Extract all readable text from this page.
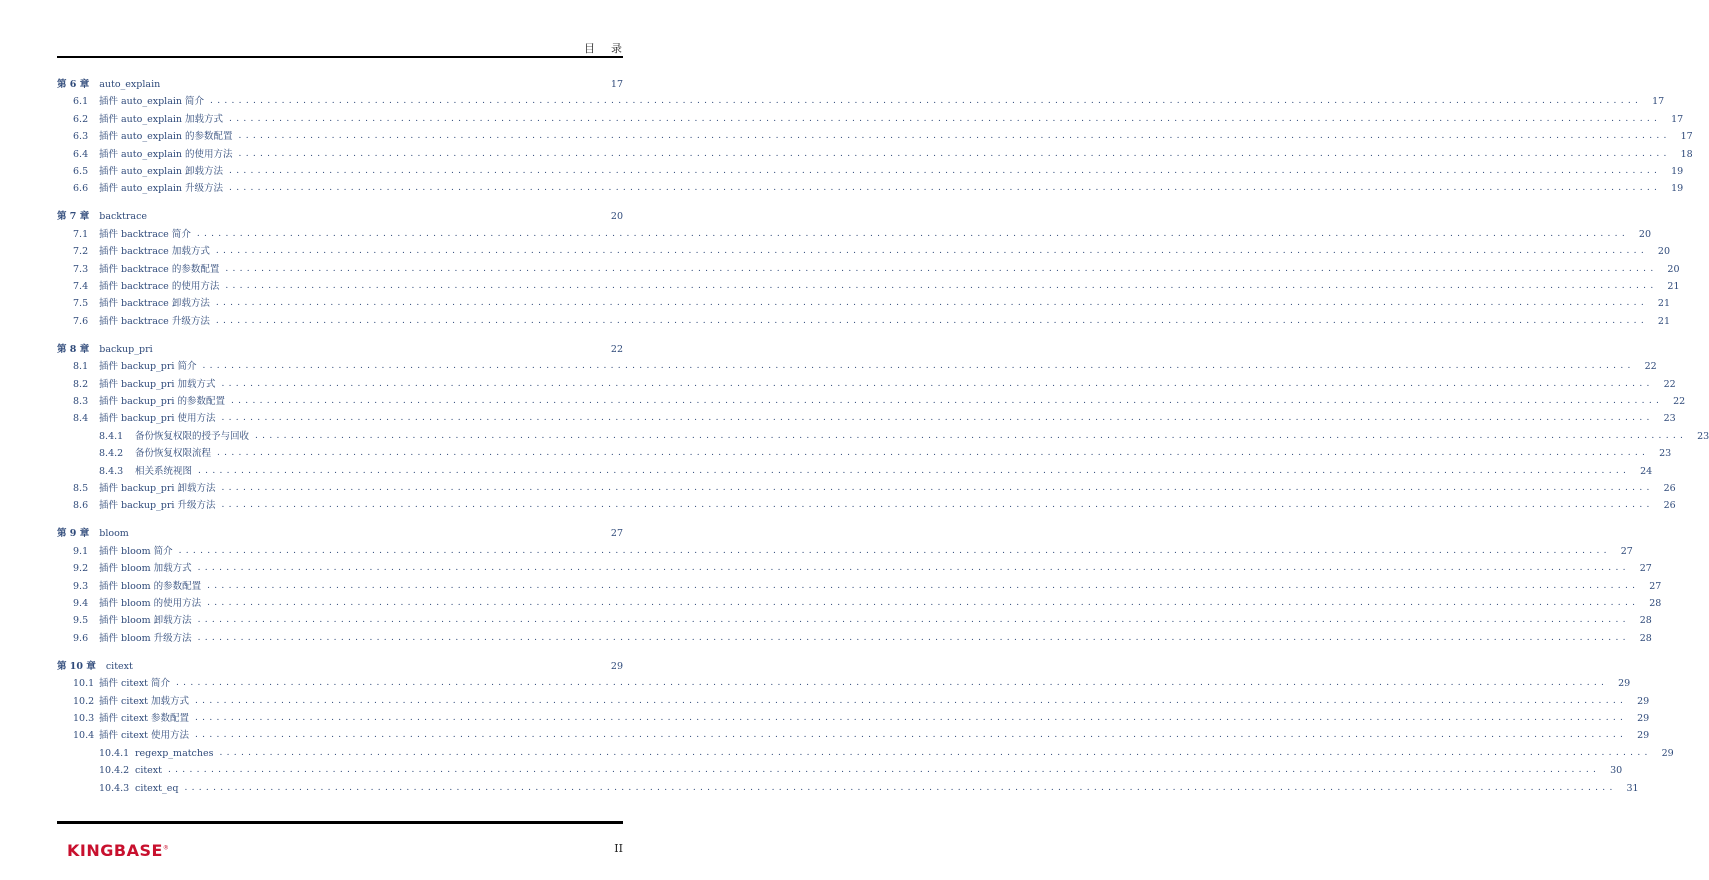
目录
第 6 章 auto_explain	17
6.1	插件 auto_explain 简介 ........................................................................................................................................................................................................ 17
6.2	插件 auto_explain 加载方式 ........................................................................................................................................................................................................ 17
6.3	插件 auto_explain 的参数配置 ........................................................................................................................................................................................................ 17
6.4	插件 auto_explain 的使用方法 ........................................................................................................................................................................................................ 18
6.5	插件 auto_explain 卸载方法 ........................................................................................................................................................................................................ 19
6.6	插件 auto_explain 升级方法 ........................................................................................................................................................................................................ 19
第 7 章 backtrace	20
7.1	插件 backtrace 简介 ........................................................................................................................................................................................................ 20
7.2	插件 backtrace 加载方式 ........................................................................................................................................................................................................ 20
7.3	插件 backtrace 的参数配置 ........................................................................................................................................................................................................ 20
7.4	插件 backtrace 的使用方法 ........................................................................................................................................................................................................ 21
7.5	插件 backtrace 卸载方法 ........................................................................................................................................................................................................ 21
7.6	插件 backtrace 升级方法 ........................................................................................................................................................................................................ 21
第 8 章 backup_pri	22
8.1	插件 backup_pri 简介 ........................................................................................................................................................................................................ 22
8.2	插件 backup_pri 加载方式 ........................................................................................................................................................................................................ 22
8.3	插件 backup_pri 的参数配置 ........................................................................................................................................................................................................ 22
8.4	插件 backup_pri 使用方法 ........................................................................................................................................................................................................ 23
8.4.1	备份恢复权限的授予与回收 ........................................................................................................................................................................................................ 23
8.4.2	备份恢复权限流程 ........................................................................................................................................................................................................ 23
8.4.3	相关系统视图 ........................................................................................................................................................................................................ 24
8.5	插件 backup_pri 卸载方法 ........................................................................................................................................................................................................ 26
8.6	插件 backup_pri 升级方法 ........................................................................................................................................................................................................ 26
第 9 章 bloom	27
9.1	插件 bloom 简介 ........................................................................................................................................................................................................ 27
9.2	插件 bloom 加载方式 ........................................................................................................................................................................................................ 27
9.3	插件 bloom 的参数配置 ........................................................................................................................................................................................................ 27
9.4	插件 bloom 的使用方法 ........................................................................................................................................................................................................ 28
9.5	插件 bloom 卸载方法 ........................................................................................................................................................................................................ 28
9.6	插件 bloom 升级方法 ........................................................................................................................................................................................................ 28
第 10 章 citext	29
10.1 插件 citext 简介 ........................................................................................................................................................................................................ 29
10.2 插件 citext 加载方式 ........................................................................................................................................................................................................ 29
10.3 插件 citext 参数配置 ........................................................................................................................................................................................................ 29
10.4 插件 citext 使用方法 ........................................................................................................................................................................................................ 29
10.4.1 regexp_matches ........................................................................................................................................................................................................ 29
10.4.2 citext ........................................................................................................................................................................................................ 30
10.4.3 citext_eq ........................................................................................................................................................................................................ 31
KINGBASE®	II
